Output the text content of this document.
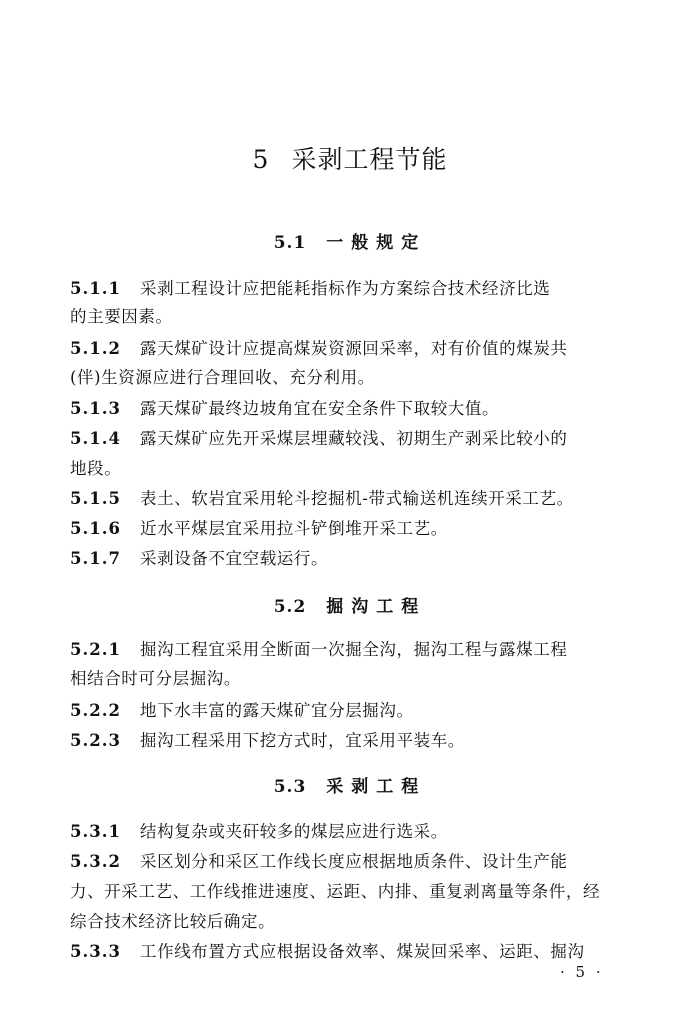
5 采剥工程节能
5.1 一般规定
5.1.1 采剥工程设计应把能耗指标作为方案综合技术经济比选
的主要因素。
5.1.2 露天煤矿设计应提高煤炭资源回采率，对有价值的煤炭共
(伴)生资源应进行合理回收、充分利用。
5.1.3 露天煤矿最终边坡角宜在安全条件下取较大值。
5.1.4 露天煤矿应先开采煤层埋藏较浅、初期生产剥采比较小的
地段。
5.1.5 表土、软岩宜采用轮斗挖掘机-带式输送机连续开采工艺。
5.1.6 近水平煤层宜采用拉斗铲倒堆开采工艺。
5.1.7 采剥设备不宜空载运行。
5.2 掘沟工程
5.2.1 掘沟工程宜采用全断面一次掘全沟，掘沟工程与露煤工程
相结合时可分层掘沟。
5.2.2 地下水丰富的露天煤矿宜分层掘沟。
5.2.3 掘沟工程采用下挖方式时，宜采用平装车。
5.3 采剥工程
5.3.1 结构复杂或夹矸较多的煤层应进行选采。
5.3.2 采区划分和采区工作线长度应根据地质条件、设计生产能
力、开采工艺、工作线推进速度、运距、内排、重复剥离量等条件，经
综合技术经济比较后确定。
5.3.3 工作线布置方式应根据设备效率、煤炭回采率、运距、掘沟
· 5 ·
